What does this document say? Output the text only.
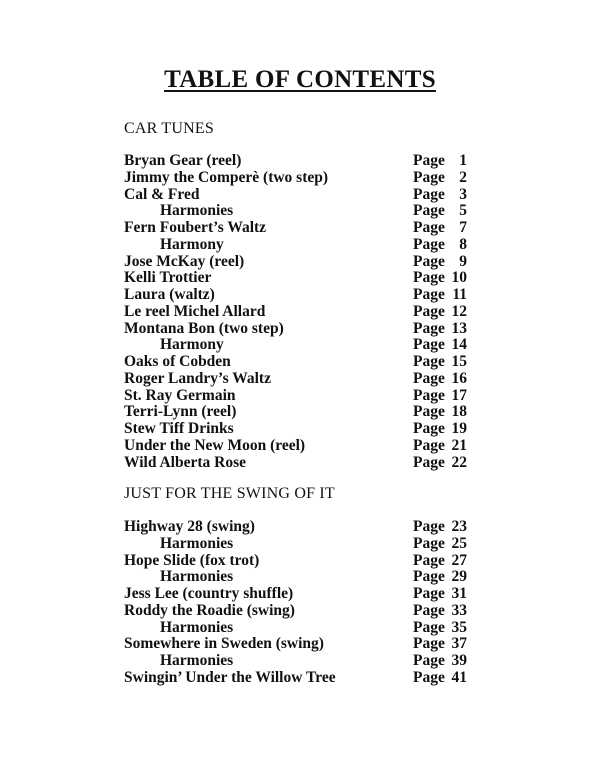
TABLE OF CONTENTS
CAR TUNES
Bryan Gear (reel)	Page 1
Jimmy the Comperè (two step)	Page 2
Cal & Fred	Page 3
Harmonies	Page 5
Fern Foubert’s Waltz	Page 7
Harmony	Page 8
Jose McKay (reel)	Page 9
Kelli Trottier	Page 10
Laura (waltz)	Page 11
Le reel Michel Allard	Page 12
Montana Bon (two step)	Page 13
Harmony	Page 14
Oaks of Cobden	Page 15
Roger Landry’s Waltz	Page 16
St. Ray Germain	Page 17
Terri-Lynn (reel)	Page 18
Stew Tiff Drinks	Page 19
Under the New Moon (reel)	Page 21
Wild Alberta Rose	Page 22
JUST FOR THE SWING OF IT
Highway 28 (swing)	Page 23
Harmonies	Page 25
Hope Slide (fox trot)	Page 27
Harmonies	Page 29
Jess Lee (country shuffle)	Page 31
Roddy the Roadie (swing)	Page 33
Harmonies	Page 35
Somewhere in Sweden (swing)	Page 37
Harmonies	Page 39
Swingin’ Under the Willow Tree	Page 41
